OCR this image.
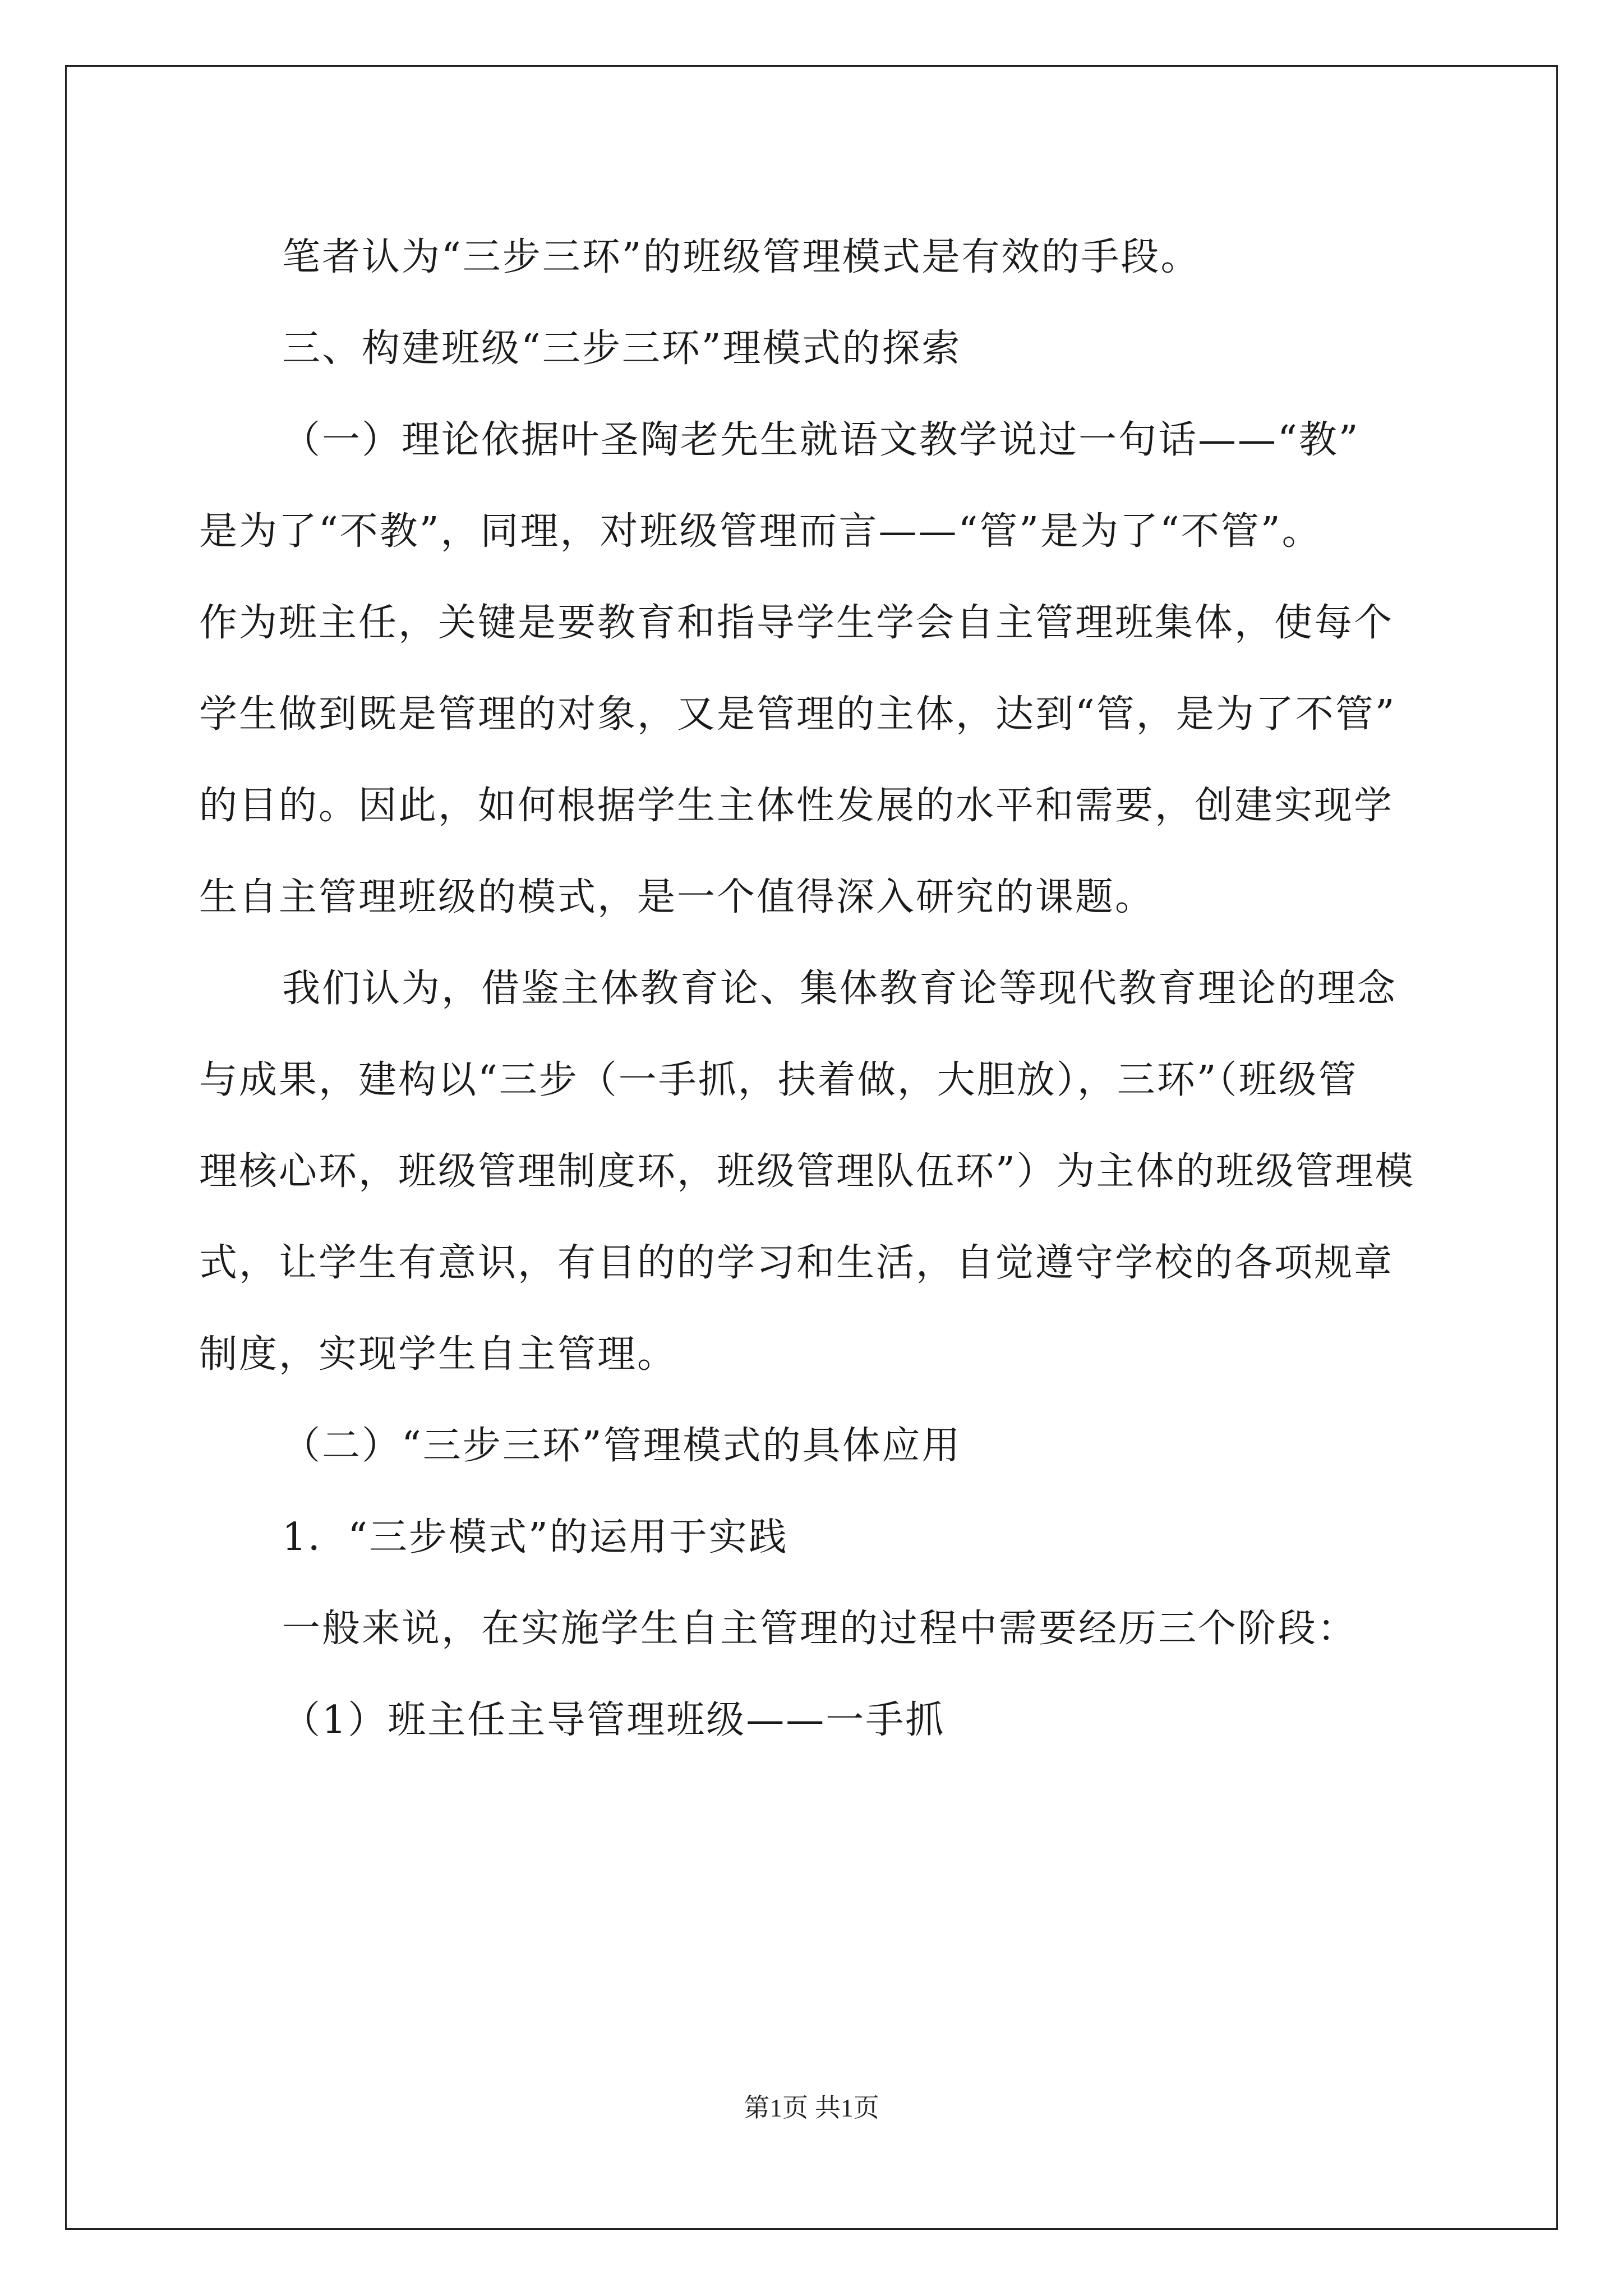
笔者认为“三步三环”的班级管理模式是有效的手段。

三、构建班级“三步三环”理模式的探索

（一）理论依据叶圣陶老先生就语文教学说过一句话——“教”

是为了“不教”，同理，对班级管理而言——“管”是为了“不管”。

作为班主任，关键是要教育和指导学生学会自主管理班集体，使每个

学生做到既是管理的对象，又是管理的主体，达到“管，是为了不管”

的目的。因此，如何根据学生主体性发展的水平和需要，创建实现学

生自主管理班级的模式，是一个值得深入研究的课题。

我们认为，借鉴主体教育论、集体教育论等现代教育理论的理念

与成果，建构以“三步（一手抓，扶着做，大胆放），三环”（班级管

理核心环，班级管理制度环，班级管理队伍环”）为主体的班级管理模

式，让学生有意识，有目的的学习和生活，自觉遵守学校的各项规章

制度，实现学生自主管理。

（二）“三步三环”管理模式的具体应用

1．“三步模式”的运用于实践

一般来说，在实施学生自主管理的过程中需要经历三个阶段：

（1）班主任主导管理班级——一手抓

第1页 共1页
